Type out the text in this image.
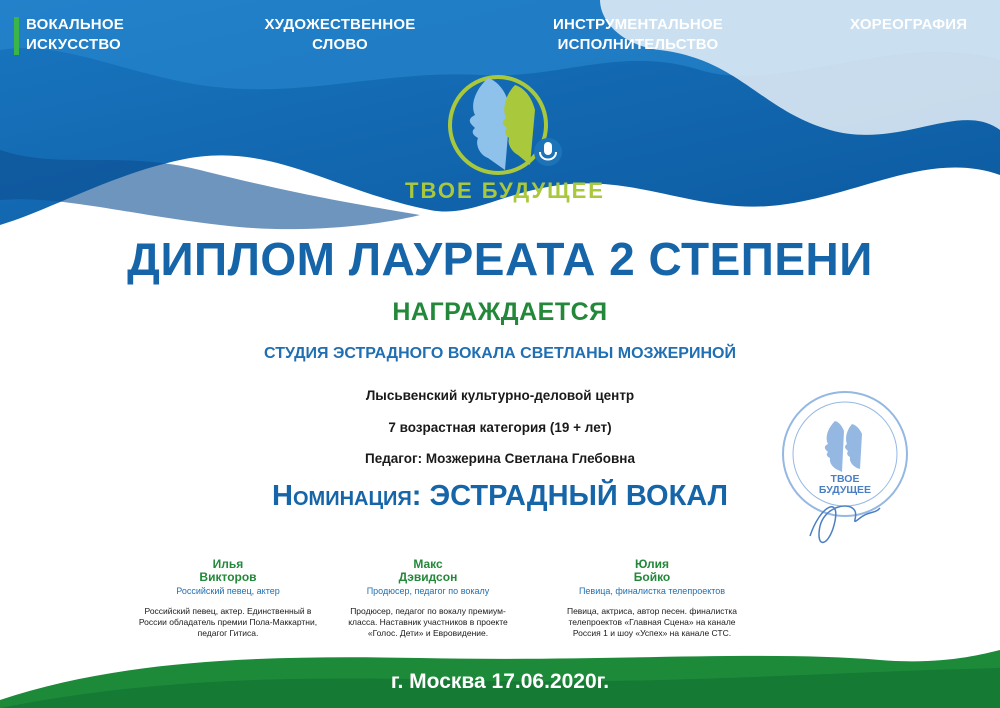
ВОКАЛЬНОЕ
ИСКУССТВО
ХУДОЖЕСТВЕННОЕ
СЛОВО
ИНСТРУМЕНТАЛЬНОЕ
ИСПОЛНИТЕЛЬСТВО
ХОРЕОГРАФИЯ
ТВОЕ БУДУЩЕЕ
ДИПЛОМ ЛАУРЕАТА 2 СТЕПЕНИ
НАГРАЖДАЕТСЯ
СТУДИЯ ЭСТРАДНОГО ВОКАЛА СВЕТЛАНЫ МОЗЖЕРИНОЙ
Лысьвенский культурно-деловой центр
7 возрастная категория (19 + лет)
Педагог: Мозжерина Светлана Глебовна
Номинация: ЭСТРАДНЫЙ ВОКАЛ
Илья
Викторов
Российский певец, актер
Российский певец, актер. Единственный в России обладатель премии Пола-Маккартни, педагог Гитиса.
Макс
Дэвидсон
Продюсер, педагог по вокалу
Продюсер, педагог по вокалу премиум-класса. Наставник участников в проекте «Голос. Дети» и Евровидение.
Юлия
Бойко
Певица, финалистка телепроектов
Певица, актриса, автор песен. финалистка телепроектов «Главная Сцена» на канале Россия 1 и шоу «Успех» на канале СТС.
ТВОЕ
БУДУЩЕЕ
г. Москва 17.06.2020г.
